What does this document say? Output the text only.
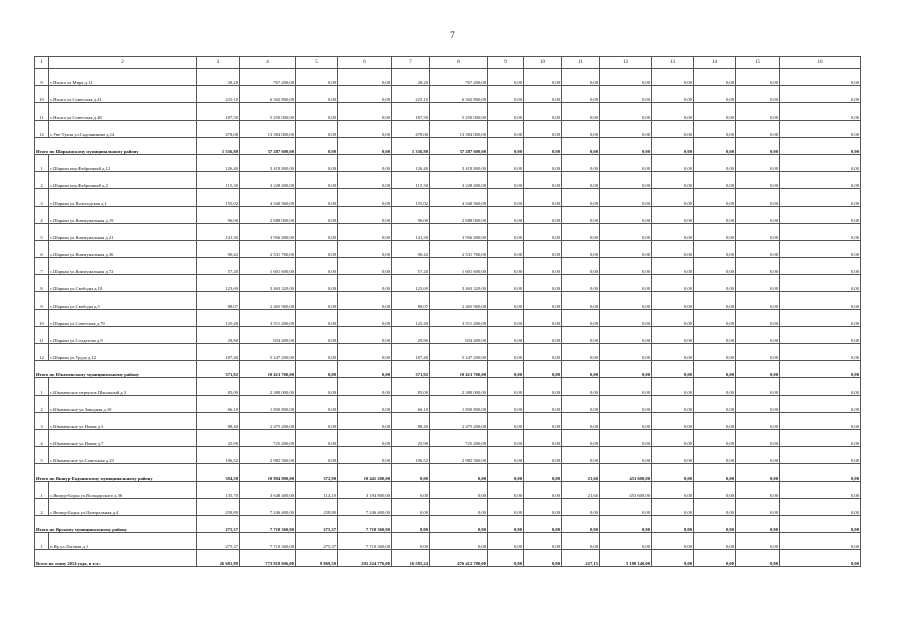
7
1	2	3	4	5	6	7	8	9	10	11	12	13	14	15	16
9	с.Нылга ул.Мира д.12	28,20	767 200,00	0,00	0,00	28,20	767 200,00	0,00	0,00	0,00	0,00	0,00	0,00	0,00	0,00
10	с.Нылга ул.Советская д.41	225,10	6 302 800,00	0,00	0,00	225,10	6 302 800,00	0,00	0,00	0,00	0,00	0,00	0,00	0,00	0,00
11	с.Нылга ул.Советская д.48	187,50	5 250 000,00	0,00	0,00	187,50	5 250 000,00	0,00	0,00	0,00	0,00	0,00	0,00	0,00	0,00
12	с.Уве-Тукля ул.Садовникова д.14	478,00	13 384 000,00	0,00	0,00	478,00	13 384 000,00	0,00	0,00	0,00	0,00	0,00	0,00	0,00	0,00
Итого по Шарканскому муниципальному району		1 336,80	37 287 600,00	0,00	0,00	1 336,80	37 287 600,00	0,00	0,00	0,00	0,00	0,00	0,00	0,00	0,00
1	с.Шаркан пер.Фабричный д.12	126,40	3 418 800,00	0,00	0,00	126,40	3 418 800,00	0,00	0,00	0,00	0,00	0,00	0,00	0,00	0,00
2	с.Шаркан пер.Фабричный д.2	115,30	3 228 400,00	0,00	0,00	115,30	3 228 400,00	0,00	0,00	0,00	0,00	0,00	0,00	0,00	0,00
3	с.Шаркан ул.Вологодская д.1	155,02	4 340 560,00	0,00	0,00	155,02	4 340 560,00	0,00	0,00	0,00	0,00	0,00	0,00	0,00	0,00
4	с.Шаркан ул.Коммунальная д.19	96,00	2 688 000,00	0,00	0,00	96,00	2 688 000,00	0,00	0,00	0,00	0,00	0,00	0,00	0,00	0,00
5	с.Шаркан ул.Коммунальная д.21	141,30	3 956 400,00	0,00	0,00	141,30	3 956 400,00	0,00	0,00	0,00	0,00	0,00	0,00	0,00	0,00
6	с.Шаркан ул.Коммунальная д.36	90,42	2 531 760,00	0,00	0,00	90,42	2 531 760,00	0,00	0,00	0,00	0,00	0,00	0,00	0,00	0,00
7	с.Шаркан ул.Коммунальная д.72	57,20	1 601 600,00	0,00	0,00	57,20	1 601 600,00	0,00	0,00	0,00	0,00	0,00	0,00	0,00	0,00
8	с.Шаркан ул.Свободы д.18	123,69	3 463 320,00	0,00	0,00	123,69	3 463 320,00	0,00	0,00	0,00	0,00	0,00	0,00	0,00	0,00
9	с.Шаркан ул.Свободы д.5	88,07	2 465 960,00	0,00	0,00	88,07	2 465 960,00	0,00	0,00	0,00	0,00	0,00	0,00	0,00	0,00
10	с.Шаркан ул.Советская д.79	125,40	3 511 200,00	0,00	0,00	125,40	3 511 200,00	0,00	0,00	0,00	0,00	0,00	0,00	0,00	0,00
11	с.Шаркан ул.Солдатова д.9	29,80	834 400,00	0,00	0,00	29,80	834 400,00	0,00	0,00	0,00	0,00	0,00	0,00	0,00	0,00
12	с.Шаркан ул.Труда д.12	187,40	5 247 200,00	0,00	0,00	187,40	5 247 200,00	0,00	0,00	0,00	0,00	0,00	0,00	0,00	0,00
Итого по Юкаменскому муниципальному району		371,92	10 413 760,00	0,00	0,00	371,92	10 413 760,00	0,00	0,00	0,00	0,00	0,00	0,00	0,00	0,00
1	с.Юкаменское переулок Школьный д.3	85,00	2 380 000,00	0,00	0,00	85,00	2 380 000,00	0,00	0,00	0,00	0,00	0,00	0,00	0,00	0,00
2	с.Юкаменское ул.Заводная д.10	66,10	1 850 800,00	0,00	0,00	66,10	1 850 800,00	0,00	0,00	0,00	0,00	0,00	0,00	0,00	0,00
3	с.Юкаменское ул.Новая д.5	88,40	2 475 200,00	0,00	0,00	88,40	2 475 200,00	0,00	0,00	0,00	0,00	0,00	0,00	0,00	0,00
4	с.Юкаменское ул.Новая д.7	25,90	725 200,00	0,00	0,00	25,90	725 200,00	0,00	0,00	0,00	0,00	0,00	0,00	0,00	0,00
5	с.Юкаменское ул.Советская д.23	106,52	2 982 560,00	0,00	0,00	106,52	2 982 560,00	0,00	0,00	0,00	0,00	0,00	0,00	0,00	0,00
Итого по Якшур-Бодьинскому муниципальному району		394,50	10 894 800,00	372,90	10 441 200,00	0,00	0,00	0,00	0,00	21,60	453 600,00	0,00	0,00	0,00	0,00
1	с.Якшур-Бодья ул.Володарского д.36	135,70	3 648 400,00	114,10	3 194 800,00	0,00	0,00	0,00	0,00	21,60	453 600,00	0,00	0,00	0,00	0,00
2	с.Якшур-Бодья ул.Центральная д.4	258,80	7 246 400,00	258,80	7 246 400,00	0,00	0,00	0,00	0,00	0,00	0,00	0,00	0,00	0,00	0,00
Итого по Ярскому муниципальному району		275,37	7 710 360,00	275,37	7 710 360,00	0,00	0,00	0,00	0,00	0,00	0,00	0,00	0,00	0,00	0,00
1	п.Яр ул.Логовая д.1	275,37	7 710 360,00	275,37	7 710 360,00	0,00	0,00	0,00	0,00	0,00	0,00	0,00	0,00	0,00	0,00
Всего по этапу 2014 года, в т.ч.:		26 681,89	773 818 696,00	9 869,50	292 224 776,00	16 585,24	476 412 780,00	0,00	0,00	227,15	5 180 140,00	0,00	0,00	0,00	0,00
